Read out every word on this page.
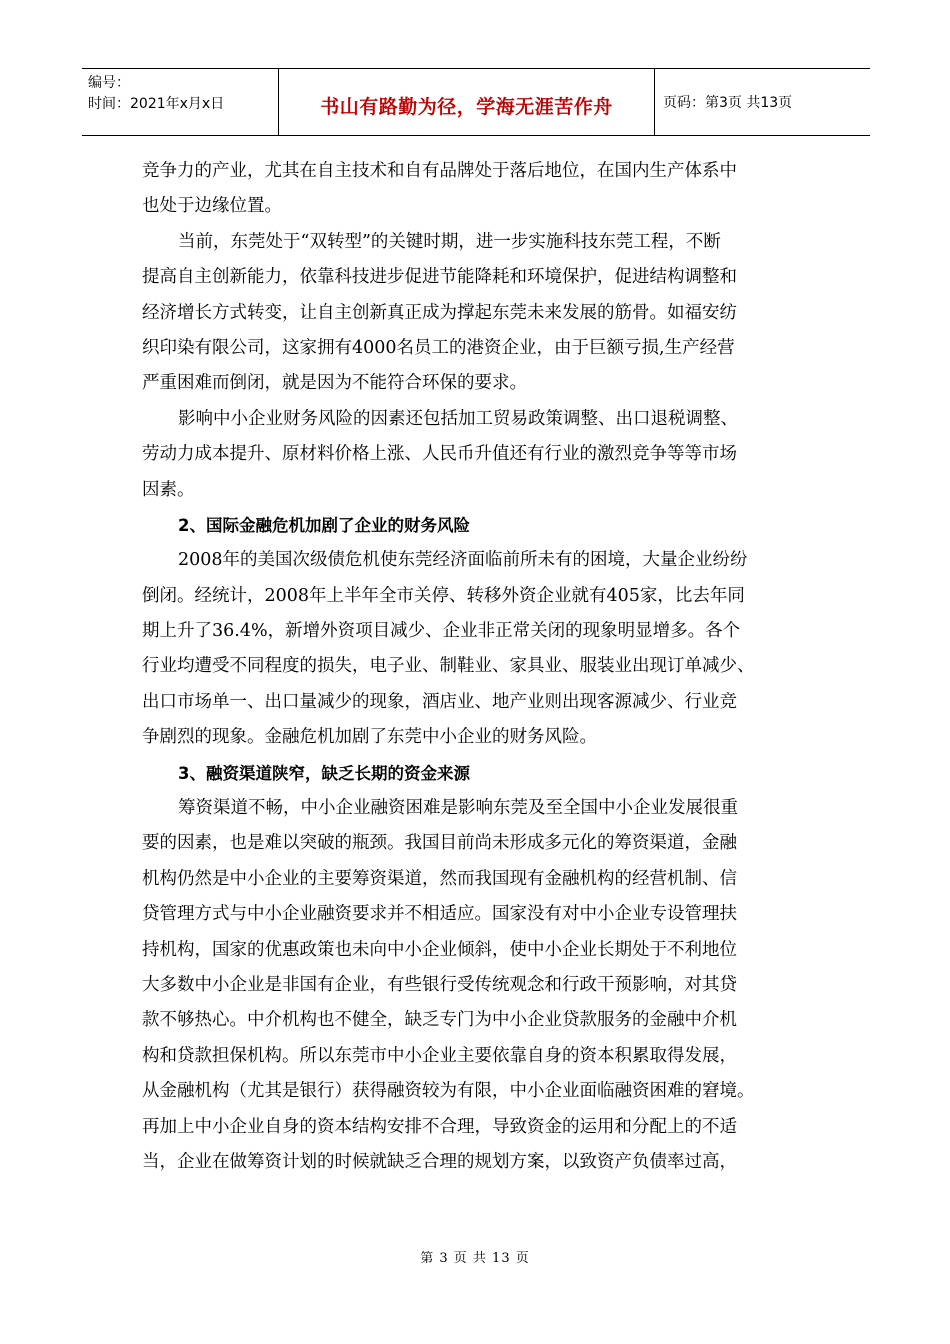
编号：
时间：2021年x月x日	书山有路勤为径，学海无涯苦作舟	页码：第3页 共13页
竞争力的产业，尤其在自主技术和自有品牌处于落后地位，在国内生产体系中
也处于边缘位置。
当前，东莞处于“双转型”的关键时期，进一步实施科技东莞工程，不断
提高自主创新能力，依靠科技进步促进节能降耗和环境保护，促进结构调整和
经济增长方式转变，让自主创新真正成为撑起东莞未来发展的筋骨。如福安纺
织印染有限公司，这家拥有4000名员工的港资企业，由于巨额亏损,生产经营
严重困难而倒闭，就是因为不能符合环保的要求。
影响中小企业财务风险的因素还包括加工贸易政策调整、出口退税调整、
劳动力成本提升、原材料价格上涨、人民币升值还有行业的激烈竞争等等市场
因素。
2、国际金融危机加剧了企业的财务风险
2008年的美国次级债危机使东莞经济面临前所未有的困境，大量企业纷纷
倒闭。经统计，2008年上半年全市关停、转移外资企业就有405家，比去年同
期上升了36.4%，新增外资项目减少、企业非正常关闭的现象明显增多。各个
行业均遭受不同程度的损失，电子业、制鞋业、家具业、服装业出现订单减少、
出口市场单一、出口量减少的现象，酒店业、地产业则出现客源减少、行业竞
争剧烈的现象。金融危机加剧了东莞中小企业的财务风险。
3、融资渠道陕窄，缺乏长期的资金来源
筹资渠道不畅，中小企业融资困难是影响东莞及至全国中小企业发展很重
要的因素，也是难以突破的瓶颈。我国目前尚未形成多元化的筹资渠道，金融
机构仍然是中小企业的主要筹资渠道，然而我国现有金融机构的经营机制、信
贷管理方式与中小企业融资要求并不相适应。国家没有对中小企业专设管理扶
持机构，国家的优惠政策也未向中小企业倾斜，使中小企业长期处于不利地位
大多数中小企业是非国有企业，有些银行受传统观念和行政干预影响，对其贷
款不够热心。中介机构也不健全，缺乏专门为中小企业贷款服务的金融中介机
构和贷款担保机构。所以东莞市中小企业主要依靠自身的资本积累取得发展，
从金融机构（尤其是银行）获得融资较为有限，中小企业面临融资困难的窘境。
再加上中小企业自身的资本结构安排不合理，导致资金的运用和分配上的不适
当，企业在做筹资计划的时候就缺乏合理的规划方案，以致资产负债率过高，
第 3 页 共 13 页
